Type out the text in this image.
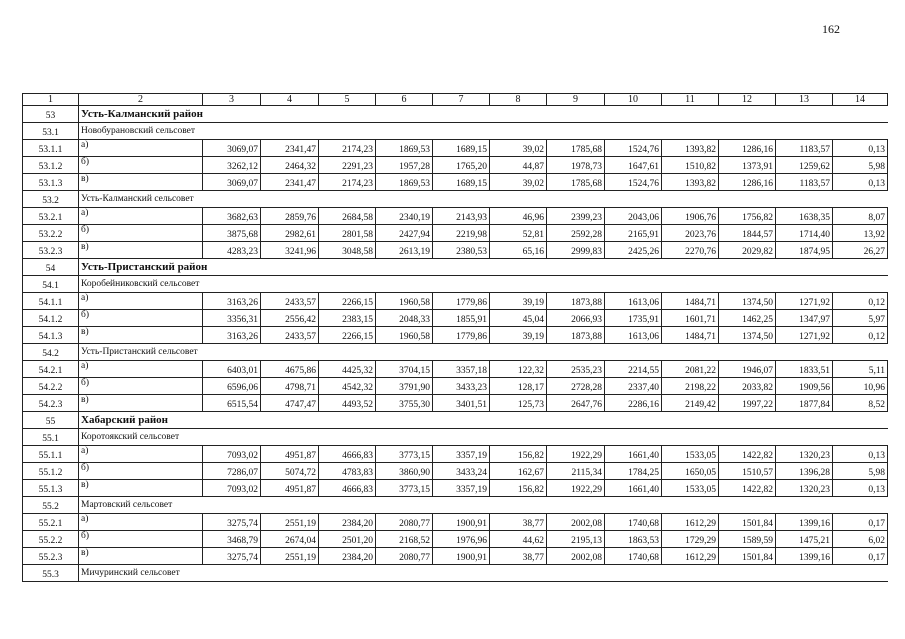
162
1	2	3	4	5	6	7	8	9	10	11	12	13	14
53	Усть-Калманский район												
53.1	Новобурановский сельсовет												
53.1.1	а)	3069,07	2341,47	2174,23	1869,53	1689,15	39,02	1785,68	1524,76	1393,82	1286,16	1183,57	0,13
53.1.2	б)	3262,12	2464,32	2291,23	1957,28	1765,20	44,87	1978,73	1647,61	1510,82	1373,91	1259,62	5,98
53.1.3	в)	3069,07	2341,47	2174,23	1869,53	1689,15	39,02	1785,68	1524,76	1393,82	1286,16	1183,57	0,13
53.2	Усть-Калманский сельсовет												
53.2.1	а)	3682,63	2859,76	2684,58	2340,19	2143,93	46,96	2399,23	2043,06	1906,76	1756,82	1638,35	8,07
53.2.2	б)	3875,68	2982,61	2801,58	2427,94	2219,98	52,81	2592,28	2165,91	2023,76	1844,57	1714,40	13,92
53.2.3	в)	4283,23	3241,96	3048,58	2613,19	2380,53	65,16	2999,83	2425,26	2270,76	2029,82	1874,95	26,27
54	Усть-Пристанский район												
54.1	Коробейниковский сельсовет												
54.1.1	а)	3163,26	2433,57	2266,15	1960,58	1779,86	39,19	1873,88	1613,06	1484,71	1374,50	1271,92	0,12
54.1.2	б)	3356,31	2556,42	2383,15	2048,33	1855,91	45,04	2066,93	1735,91	1601,71	1462,25	1347,97	5,97
54.1.3	в)	3163,26	2433,57	2266,15	1960,58	1779,86	39,19	1873,88	1613,06	1484,71	1374,50	1271,92	0,12
54.2	Усть-Пристанский сельсовет												
54.2.1	а)	6403,01	4675,86	4425,32	3704,15	3357,18	122,32	2535,23	2214,55	2081,22	1946,07	1833,51	5,11
54.2.2	б)	6596,06	4798,71	4542,32	3791,90	3433,23	128,17	2728,28	2337,40	2198,22	2033,82	1909,56	10,96
54.2.3	в)	6515,54	4747,47	4493,52	3755,30	3401,51	125,73	2647,76	2286,16	2149,42	1997,22	1877,84	8,52
55	Хабарский район												
55.1	Коротоякский сельсовет												
55.1.1	а)	7093,02	4951,87	4666,83	3773,15	3357,19	156,82	1922,29	1661,40	1533,05	1422,82	1320,23	0,13
55.1.2	б)	7286,07	5074,72	4783,83	3860,90	3433,24	162,67	2115,34	1784,25	1650,05	1510,57	1396,28	5,98
55.1.3	в)	7093,02	4951,87	4666,83	3773,15	3357,19	156,82	1922,29	1661,40	1533,05	1422,82	1320,23	0,13
55.2	Мартовский сельсовет												
55.2.1	а)	3275,74	2551,19	2384,20	2080,77	1900,91	38,77	2002,08	1740,68	1612,29	1501,84	1399,16	0,17
55.2.2	б)	3468,79	2674,04	2501,20	2168,52	1976,96	44,62	2195,13	1863,53	1729,29	1589,59	1475,21	6,02
55.2.3	в)	3275,74	2551,19	2384,20	2080,77	1900,91	38,77	2002,08	1740,68	1612,29	1501,84	1399,16	0,17
55.3	Мичуринский сельсовет												
